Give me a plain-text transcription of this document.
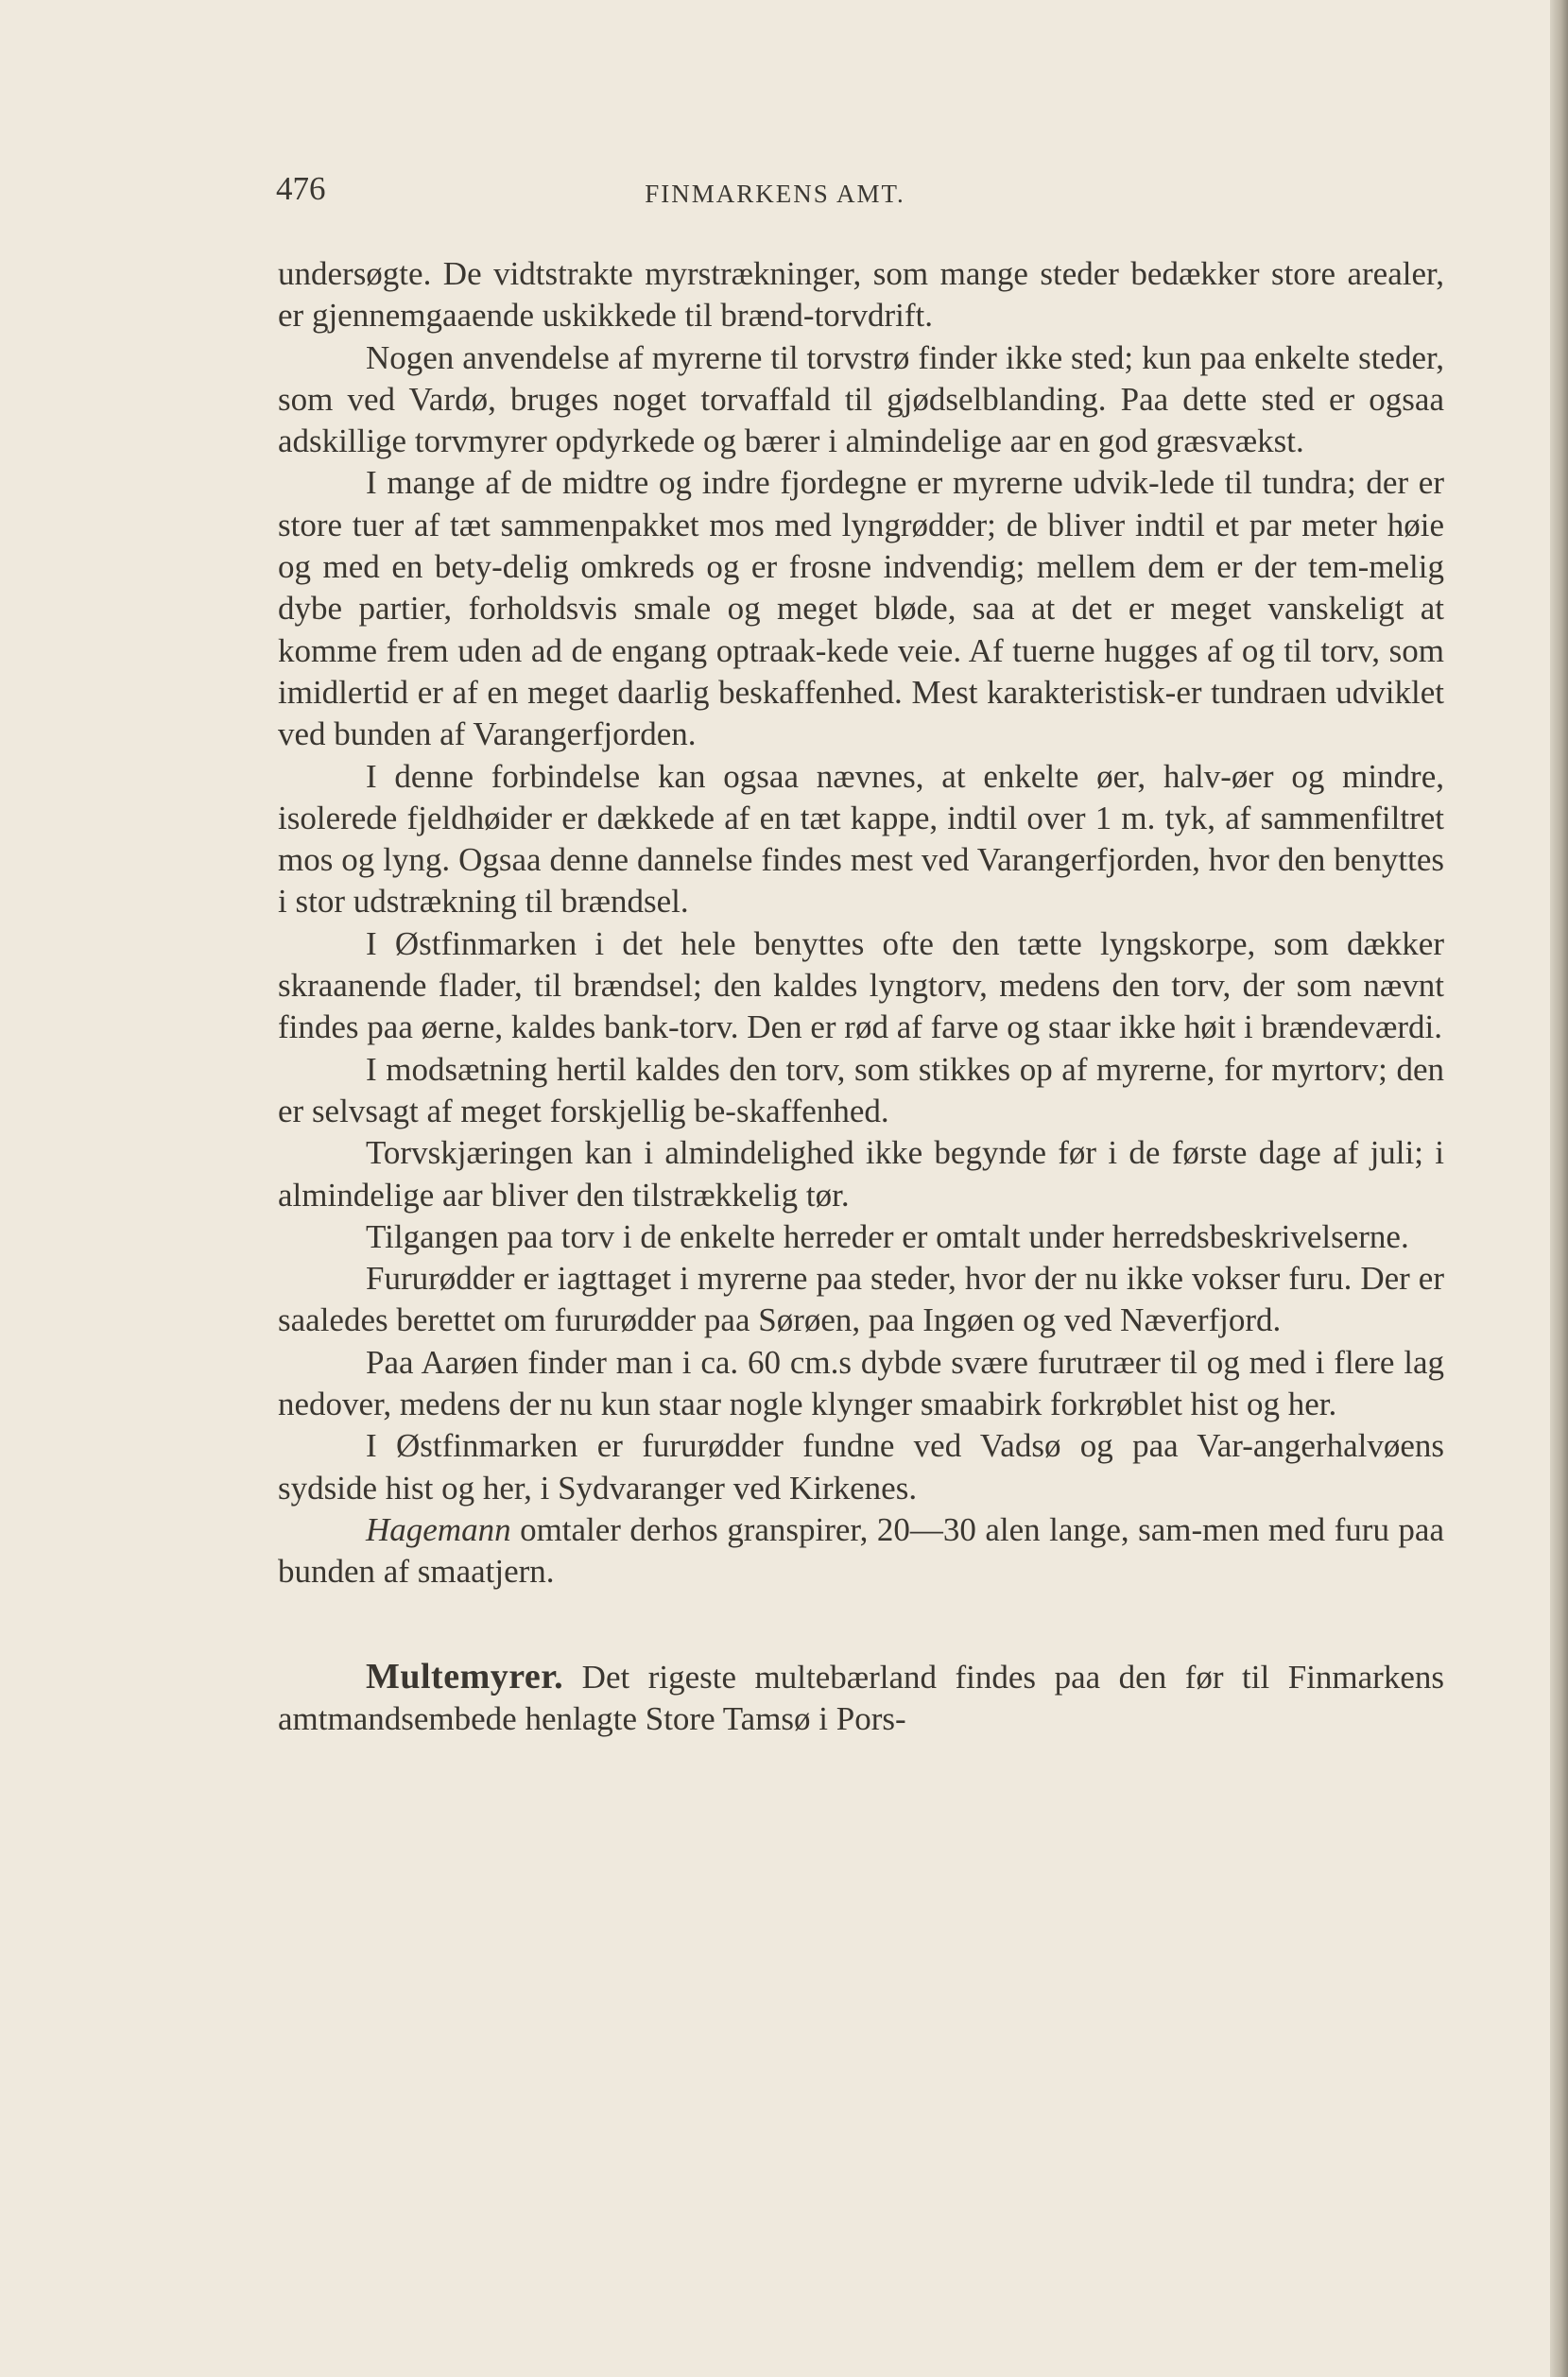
476	FINMARKENS AMT.

undersøgte. De vidtstrakte myrstrækninger, som mange steder bedækker store arealer, er gjennemgaaende uskikkede til brænd-torvdrift.

Nogen anvendelse af myrerne til torvstrø finder ikke sted; kun paa enkelte steder, som ved Vardø, bruges noget torvaffald til gjødselblanding. Paa dette sted er ogsaa adskillige torvmyrer opdyrkede og bærer i almindelige aar en god græsvækst.

I mange af de midtre og indre fjordegne er myrerne udvik-lede til tundra; der er store tuer af tæt sammenpakket mos med lyngrødder; de bliver indtil et par meter høie og med en bety-delig omkreds og er frosne indvendig; mellem dem er der tem-melig dybe partier, forholdsvis smale og meget bløde, saa at det er meget vanskeligt at komme frem uden ad de engang optraak-kede veie. Af tuerne hugges af og til torv, som imidlertid er af en meget daarlig beskaffenhed. Mest karakteristisk-er tundraen udviklet ved bunden af Varangerfjorden.

I denne forbindelse kan ogsaa nævnes, at enkelte øer, halv-øer og mindre, isolerede fjeldhøider er dækkede af en tæt kappe, indtil over 1 m. tyk, af sammenfiltret mos og lyng. Ogsaa denne dannelse findes mest ved Varangerfjorden, hvor den benyttes i stor udstrækning til brændsel.

I Østfinmarken i det hele benyttes ofte den tætte lyngskorpe, som dækker skraanende flader, til brændsel; den kaldes lyngtorv, medens den torv, der som nævnt findes paa øerne, kaldes bank-torv. Den er rød af farve og staar ikke høit i brændeværdi.

I modsætning hertil kaldes den torv, som stikkes op af myrerne, for myrtorv; den er selvsagt af meget forskjellig be-skaffenhed.

Torvskjæringen kan i almindelighed ikke begynde før i de første dage af juli; i almindelige aar bliver den tilstrækkelig tør.

Tilgangen paa torv i de enkelte herreder er omtalt under herredsbeskrivelserne.

Fururødder er iagttaget i myrerne paa steder, hvor der nu ikke vokser furu. Der er saaledes berettet om fururødder paa Sørøen, paa Ingøen og ved Næverfjord.

Paa Aarøen finder man i ca. 60 cm.s dybde svære furutræer til og med i flere lag nedover, medens der nu kun staar nogle klynger smaabirk forkrøblet hist og her.

I Østfinmarken er fururødder fundne ved Vadsø og paa Var-angerhalvøens sydside hist og her, i Sydvaranger ved Kirkenes.

Hagemann omtaler derhos granspirer, 20—30 alen lange, sam-men med furu paa bunden af smaatjern.

Multemyrer. Det rigeste multebærland findes paa den før til Finmarkens amtmandsembede henlagte Store Tamsø i Pors-
